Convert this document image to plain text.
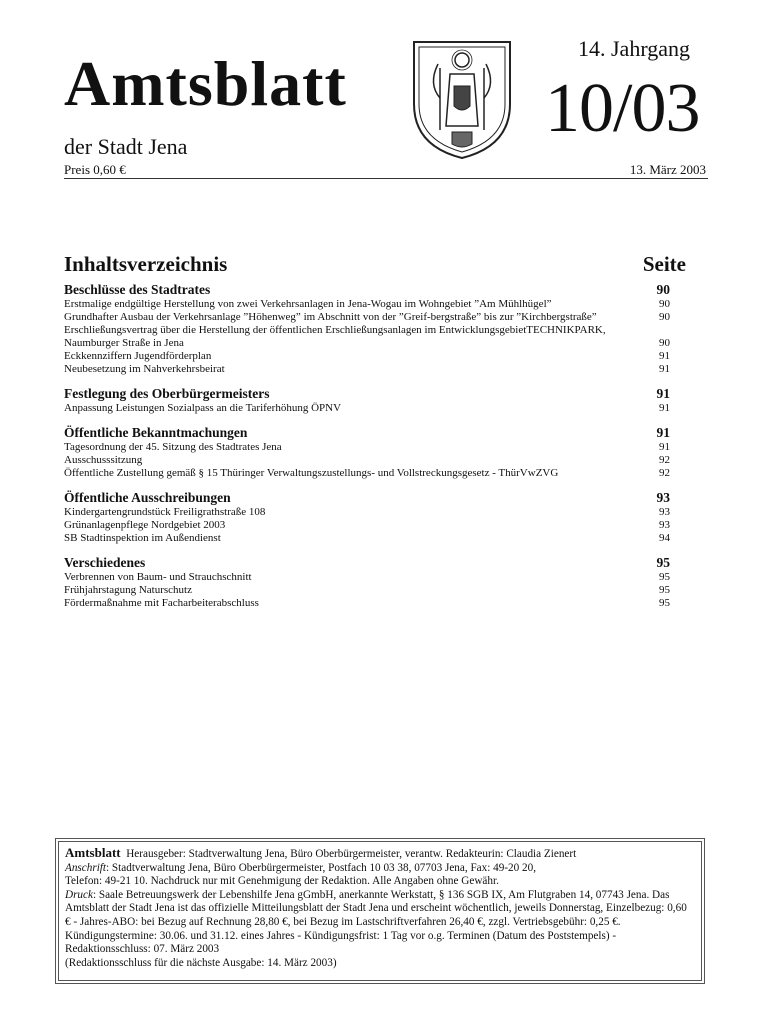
Amtsblatt
der Stadt Jena
Preis 0,60 €
14. Jahrgang
10/03
13. März 2003
Inhaltsverzeichnis	Seite
Beschlüsse des Stadtrates	90
Erstmalige endgültige Herstellung von zwei Verkehrsanlagen in Jena-Wogau im Wohngebiet ”Am Mühlhügel”	90
Grundhafter Ausbau der Verkehrsanlage ”Höhenweg” im Abschnitt von der ”Greif-bergstraße” bis zur ”Kirchbergstraße”	90
Erschließungsvertrag über die Herstellung der öffentlichen Erschließungsanlagen im EntwicklungsgebietTECHNIKPARK, Naumburger Straße in Jena	90
Eckkennziffern Jugendförderplan	91
Neubesetzung im Nahverkehrsbeirat	91
Festlegung des Oberbürgermeisters	91
Anpassung Leistungen Sozialpass an die Tariferhöhung ÖPNV	91
Öffentliche Bekanntmachungen	91
Tagesordnung der 45. Sitzung des Stadtrates Jena	91
Ausschusssitzung	92
Öffentliche Zustellung gemäß § 15 Thüringer Verwaltungszustellungs- und Vollstreckungsgesetz - ThürVwZVG	92
Öffentliche Ausschreibungen	93
Kindergartengrundstück Freiligrathstraße 108	93
Grünanlagenpflege Nordgebiet 2003	93
SB Stadtinspektion im Außendienst	94
Verschiedenes	95
Verbrennen von Baum- und Strauchschnitt	95
Frühjahrstagung Naturschutz	95
Fördermaßnahme mit Facharbeiterabschluss	95
Amtsblatt Herausgeber: Stadtverwaltung Jena, Büro Oberbürgermeister, verantw. Redakteurin: Claudia Zienert
Anschrift: Stadtverwaltung Jena, Büro Oberbürgermeister, Postfach 10 03 38, 07703 Jena, Fax: 49-20 20,
Telefon: 49-21 10. Nachdruck nur mit Genehmigung der Redaktion. Alle Angaben ohne Gewähr.
Druck: Saale Betreuungswerk der Lebenshilfe Jena gGmbH, anerkannte Werkstatt, § 136 SGB IX, Am Flutgraben 14, 07743 Jena. Das Amtsblatt der Stadt Jena ist das offizielle Mitteilungsblatt der Stadt Jena und erscheint wöchentlich, jeweils Donnerstag, Einzelbezug: 0,60 € - Jahres-ABO: bei Bezug auf Rechnung 28,80 €, bei Bezug im Lastschriftverfahren 26,40 €, zzgl. Vertriebsgebühr: 0,25 €. Kündigungstermine: 30.06. und 31.12. eines Jahres - Kündigungsfrist: 1 Tag vor o.g. Terminen (Datum des Poststempels) - Redaktionsschluss: 07. März 2003
(Redaktionsschluss für die nächste Ausgabe: 14. März 2003)
